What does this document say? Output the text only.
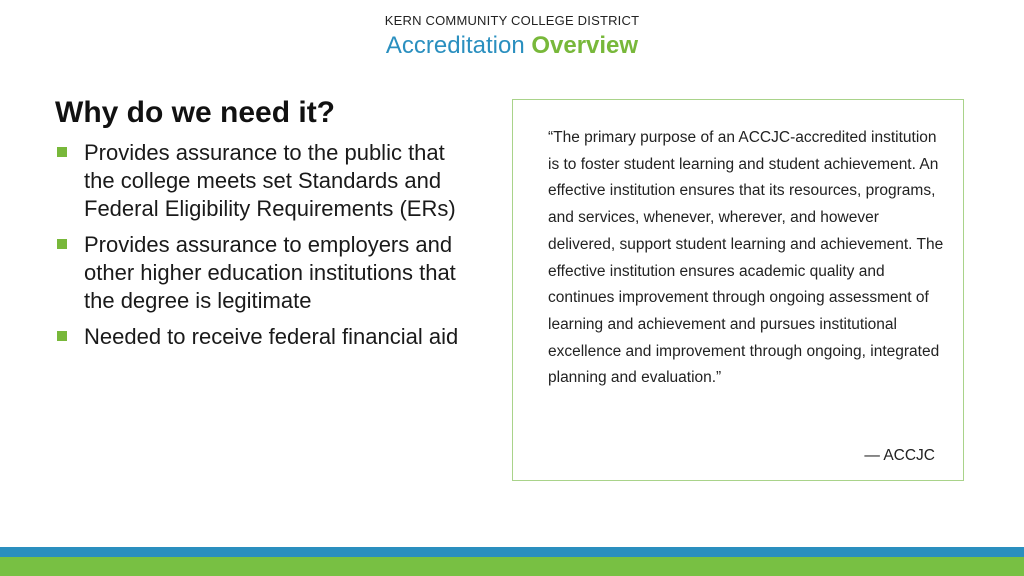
KERN COMMUNITY COLLEGE DISTRICT
Accreditation Overview
Why do we need it?
Provides assurance to the public that the college meets set Standards and Federal Eligibility Requirements (ERs)
Provides assurance to employers and other higher education institutions that the degree is legitimate
Needed to receive federal financial aid
“The primary purpose of an ACCJC-accredited institution is to foster student learning and student achievement. An effective institution ensures that its resources, programs, and services, whenever, wherever, and however delivered, support student learning and achievement. The effective institution ensures academic quality and continues improvement through ongoing assessment of learning and achievement and pursues institutional excellence and improvement through ongoing, integrated planning and evaluation.”
— ACCJC
